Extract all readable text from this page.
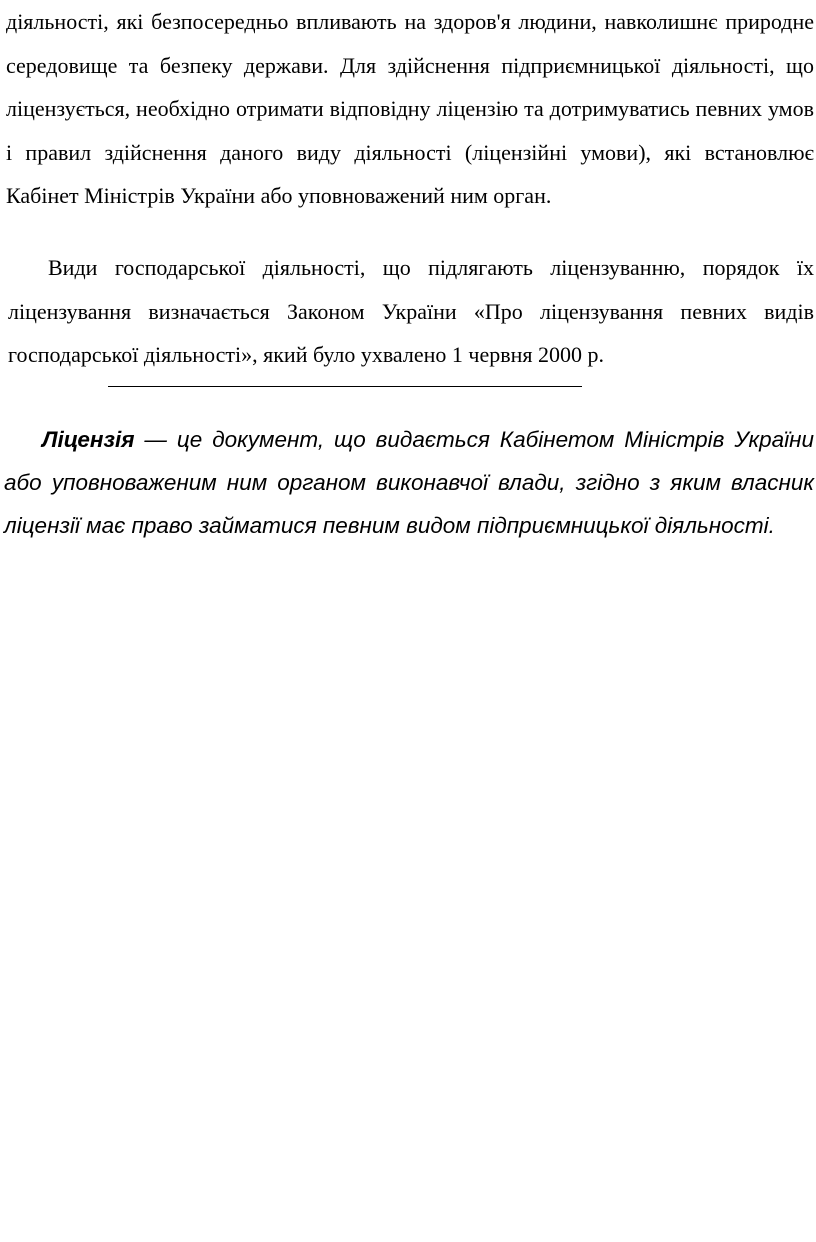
діяльності, які безпосередньо впливають на здоров'я людини, навколишнє природне середовище та безпеку держави. Для здійснення підприємницької діяльності, що ліцензується, необхідно отримати відповідну ліцензію та дотримуватись певних умов і правил здійснення даного виду діяльності (ліцензійні умови), які встановлює Кабінет Міністрів України або уповноважений ним орган.

Види господарської діяльності, що підлягають ліцензуванню, порядок їх ліцензування визначається Законом України «Про ліцензування певних видів господарської діяльності», який було ухвалено 1 червня 2000 р.

Ліцензія — це документ, що видається Кабінетом Міністрів України або уповноваженим ним органом виконавчої влади, згідно з яким власник ліцензії має право займатися певним видом підприємницької діяльності.
